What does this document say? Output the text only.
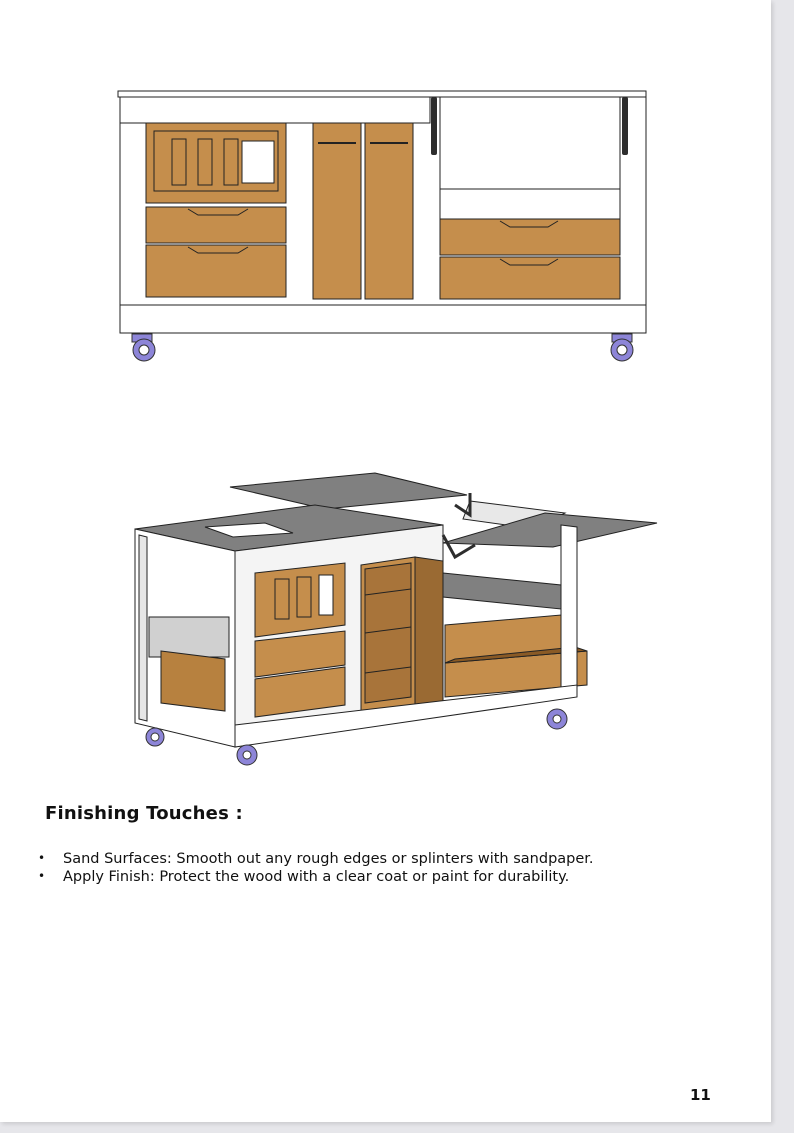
Finishing Touches :
• Sand Surfaces: Smooth out any rough edges or splinters with sandpaper.
• Apply Finish: Protect the wood with a clear coat or paint for durability.
11
